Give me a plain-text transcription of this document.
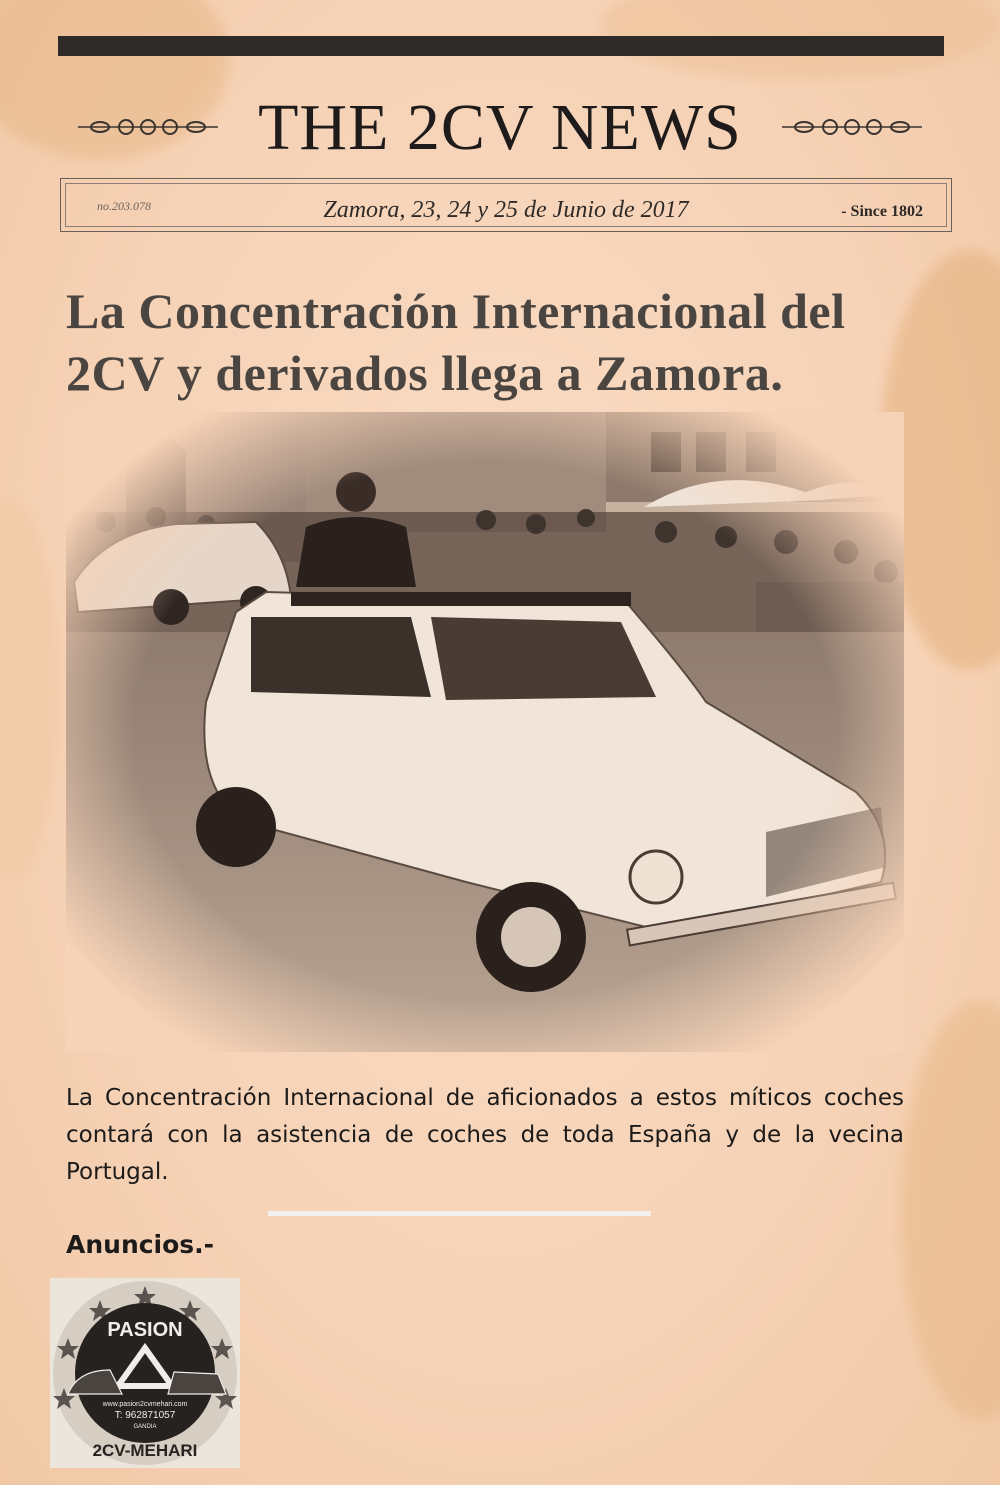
THE 2CV NEWS
no.203.078	Zamora, 23, 24 y 25 de Junio de 2017	- Since 1802
La Concentración Internacional del 2CV y derivados llega a Zamora.

La Concentración Internacional de aficionados a estos míticos coches contará con la asistencia de coches de toda España y de la vecina Portugal.

Anuncios.-
PASION
www.pasion2cvmehari.com
T: 962871057
GANDIA
2CV-MEHARI
